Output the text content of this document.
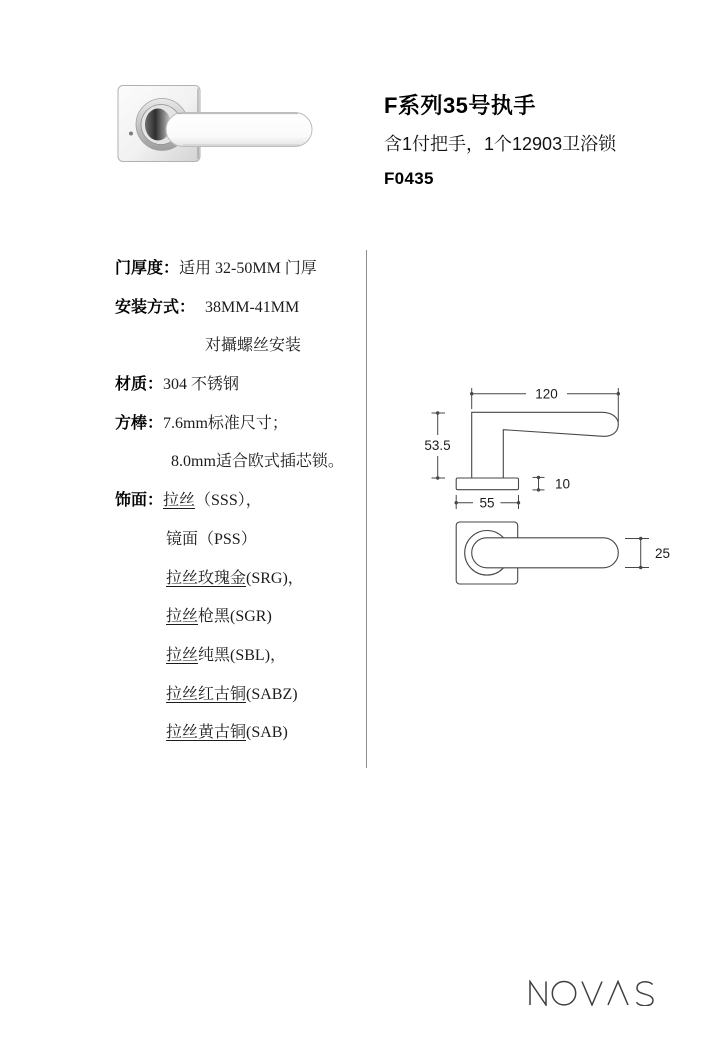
F系列35号执手
含1付把手，1个12903卫浴锁
F0435
门厚度：适用 32-50MM 门厚
安装方式： 38MM-41MM
对攝螺丝安装
材质：304 不锈钢
方棒：7.6mm标准尺寸；
8.0mm适合欧式插芯锁。
饰面：拉丝（SSS），
镜面（PSS）
拉丝玫瑰金(SRG)，
拉丝枪黑(SGR)
拉丝纯黑(SBL)，
拉丝红古铜(SABZ)
拉丝黄古铜(SAB)
120
53.5
10
55
25
